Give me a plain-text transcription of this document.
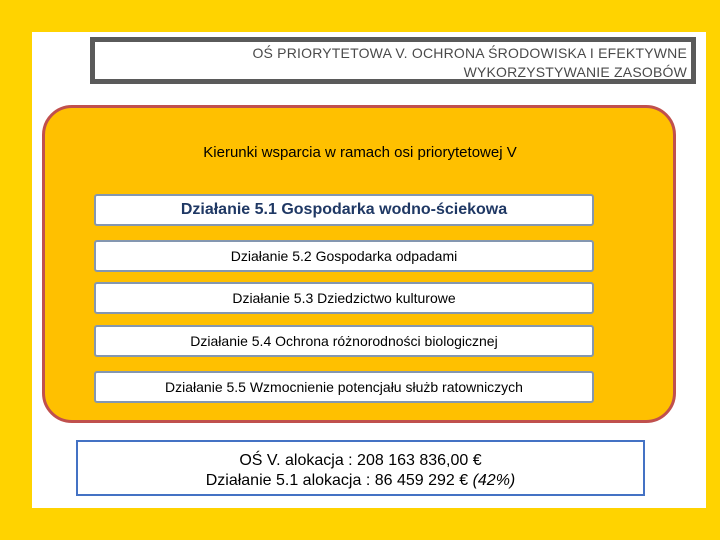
OŚ PRIORYTETOWA V. OCHRONA ŚRODOWISKA I EFEKTYWNE WYKORZYSTYWANIE ZASOBÓW
Kierunki wsparcia w ramach osi priorytetowej V
Działanie 5.1 Gospodarka wodno-ściekowa
Działanie 5.2 Gospodarka odpadami
Działanie 5.3 Dziedzictwo kulturowe
Działanie 5.4 Ochrona różnorodności biologicznej
Działanie 5.5 Wzmocnienie potencjału służb ratowniczych
OŚ V. alokacja : 208 163 836,00 €
Działanie 5.1 alokacja : 86 459 292 € (42%)
